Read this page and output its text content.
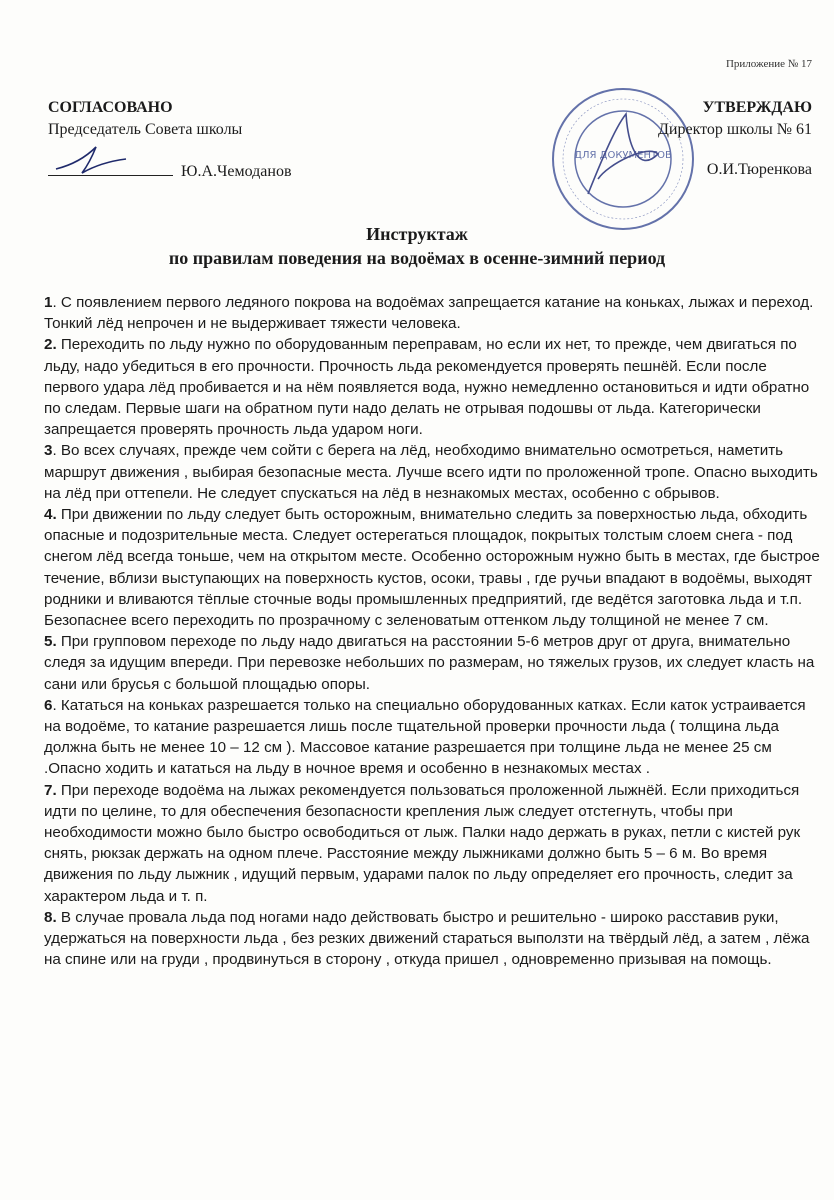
Приложение № 17
СОГЛАСОВАНО
Председатель Совета школы
Ю.А.Чемоданов
ДЛЯ ДОКУМЕНТОВ
УТВЕРЖДАЮ
Директор школы № 61
О.И.Тюренкова
Инструктаж
по правилам поведения на водоёмах в осенне-зимний период

1. С появлением первого ледяного покрова на водоёмах запрещается катание на коньках, лыжах и переход. Тонкий лёд непрочен и не выдерживает тяжести человека.

2. Переходить по льду нужно по оборудованным переправам, но если их нет, то прежде, чем двигаться по льду, надо убедиться в его прочности. Прочность льда рекомендуется проверять пешнёй. Если после первого удара лёд пробивается и на нём появляется вода, нужно немедленно остановиться и идти обратно по следам. Первые шаги на обратном пути надо делать не отрывая подошвы от льда. Категорически запрещается проверять прочность льда ударом ноги.

3. Во всех случаях, прежде чем сойти с берега на лёд, необходимо внимательно осмотреться, наметить маршрут движения , выбирая безопасные места. Лучше всего идти по проложенной тропе. Опасно выходить на лёд при оттепели. Не следует спускаться на лёд в незнакомых местах, особенно с обрывов.

4. При движении по льду следует быть осторожным, внимательно следить за поверхностью льда, обходить опасные и подозрительные места. Следует остерегаться площадок, покрытых толстым слоем снега - под снегом лёд всегда тоньше, чем на открытом месте. Особенно осторожным нужно быть в местах, где быстрое течение, вблизи выступающих на поверхность кустов, осоки, травы , где ручьи впадают в водоёмы, выходят родники и вливаются тёплые сточные воды промышленных предприятий, где ведётся заготовка льда и т.п. Безопаснее всего переходить по прозрачному с зеленоватым оттенком льду толщиной не менее 7 см.

5. При групповом переходе по льду надо двигаться на расстоянии 5-6 метров друг от друга, внимательно следя за идущим впереди. При перевозке небольших по размерам, но тяжелых грузов, их следует класть на сани или брусья с большой площадью опоры.

6. Кататься на коньках разрешается только на специально оборудованных катках. Если каток устраивается на водоёме, то катание разрешается лишь после тщательной проверки прочности льда ( толщина льда должна быть не менее 10 – 12 см ). Массовое катание разрешается при толщине льда не менее 25 см .Опасно ходить и кататься на льду в ночное время и особенно в незнакомых местах .

7. При переходе водоёма на лыжах рекомендуется пользоваться проложенной лыжнёй. Если приходиться идти по целине, то для обеспечения безопасности крепления лыж следует отстегнуть, чтобы при необходимости можно было быстро освободиться от лыж. Палки надо держать в руках, петли с кистей рук снять, рюкзак держать на одном плече. Расстояние между лыжниками должно быть 5 – 6 м. Во время движения по льду лыжник , идущий первым, ударами палок по льду определяет его прочность, следит за характером льда и т. п.

8. В случае провала льда под ногами надо действовать быстро и решительно - широко расставив руки, удержаться на поверхности льда , без резких движений стараться выползти на твёрдый лёд, а затем , лёжа на спине или на груди , продвинуться в сторону , откуда пришел , одновременно призывая на помощь.
